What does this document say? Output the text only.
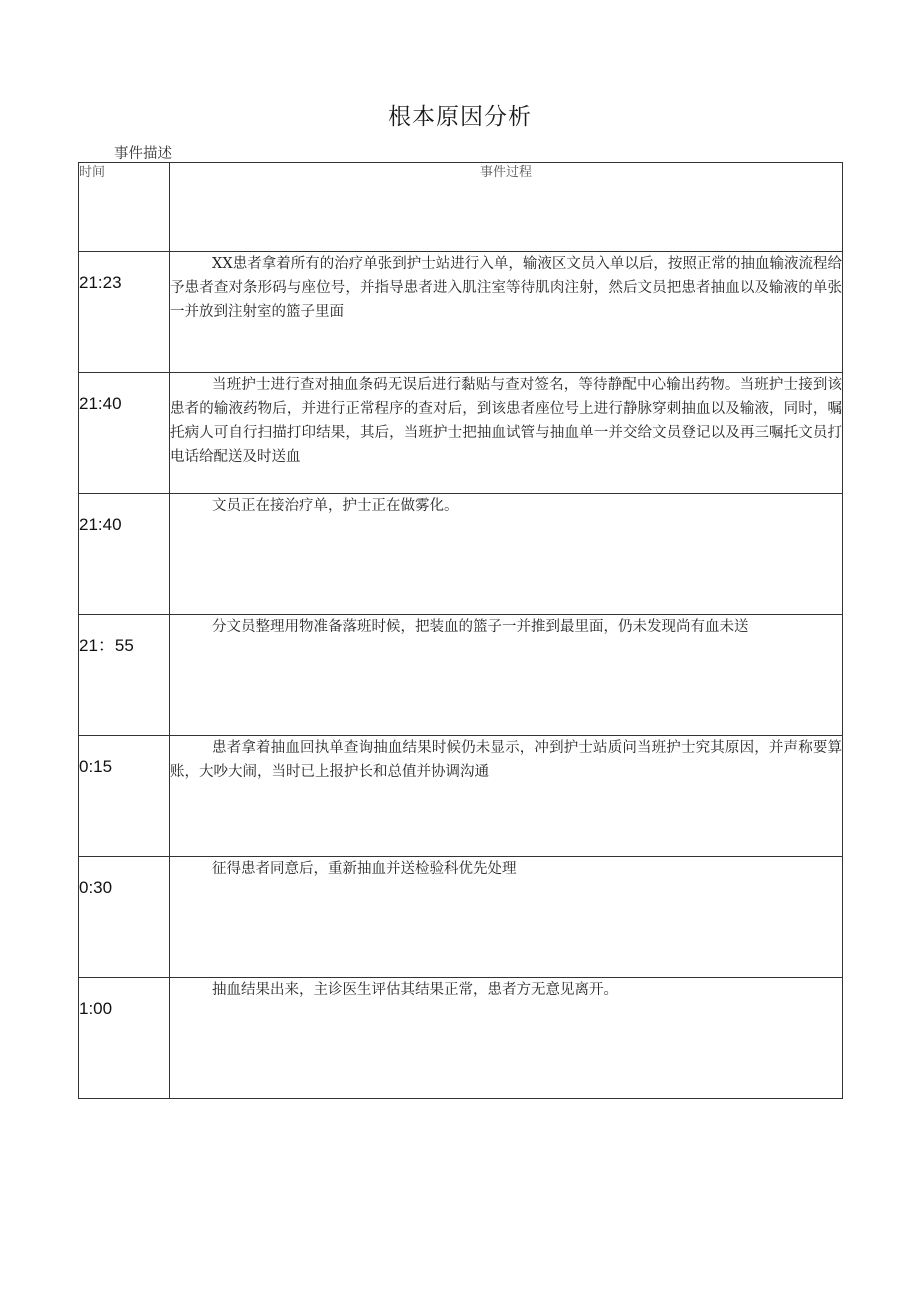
根本原因分析
事件描述
时间	事件过程

21:23	XX患者拿着所有的治疗单张到护士站进行入单，输液区文员入单以后，按照正常的抽血输液流程给予患者查对条形码与座位号，并指导患者进入肌注室等待肌肉注射，然后文员把患者抽血以及输液的单张一并放到注射室的篮子里面

21:40	当班护士进行查对抽血条码无误后进行黏贴与查对签名，等待静配中心输出药物。当班护士接到该患者的输液药物后，并进行正常程序的查对后，到该患者座位号上进行静脉穿刺抽血以及输液，同时，嘱托病人可自行扫描打印结果，其后，当班护士把抽血试管与抽血单一并交给文员登记以及再三嘱托文员打电话给配送及时送血

21:40	文员正在接治疗单，护士正在做雾化。

21：55	分文员整理用物准备落班时候，把装血的篮子一并推到最里面，仍未发现尚有血未送

0:15	患者拿着抽血回执单查询抽血结果时候仍未显示，冲到护士站质问当班护士究其原因，并声称要算账，大吵大闹，当时已上报护长和总值并协调沟通

0:30	征得患者同意后，重新抽血并送检验科优先处理

1:00	抽血结果出来，主诊医生评估其结果正常，患者方无意见离开。
